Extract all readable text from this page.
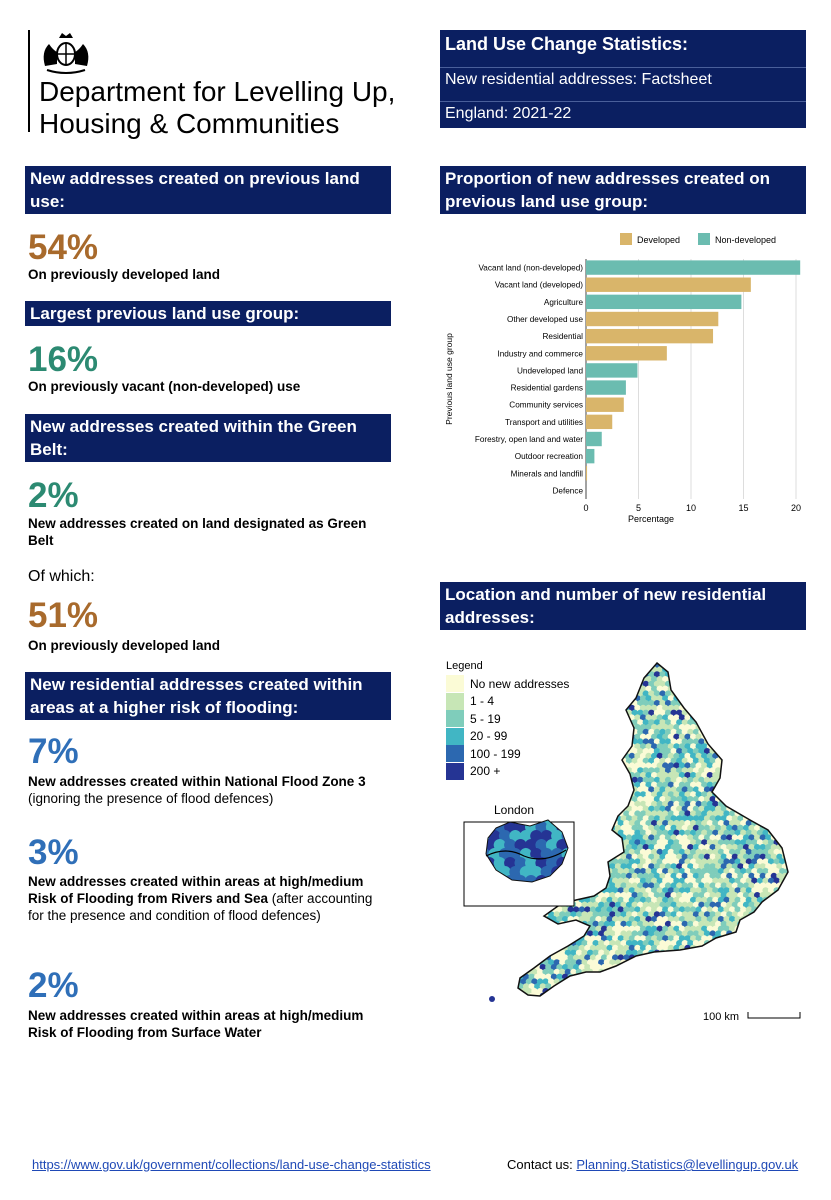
Department for Levelling Up,
Housing & Communities
Land Use Change Statistics:
New residential addresses: Factsheet
England: 2021-22
New addresses created on previous land use:
54%
On previously developed land
Largest previous land use group:
16%
On previously vacant (non-developed) use
New addresses created within the Green Belt:
2%
New addresses created on land designated as Green Belt
Of which:
51%
On previously developed land
New residential addresses created within areas at a higher risk of flooding:
7%
New addresses created within National Flood Zone 3 (ignoring the presence of flood defences)
3%
New addresses created within areas at high/medium Risk of Flooding from Rivers and Sea (after accounting for the presence and condition of flood defences)
2%
New addresses created within areas at high/medium Risk of Flooding from Surface Water
Proportion of new addresses created on previous land use group:
Developed	Non-developed
0	5	10	15	20
Vacant land (non-developed)
Vacant land (developed)
Agriculture
Other developed use
Residential
Industry and commerce
Undeveloped land
Residential gardens
Community services
Transport and utilities
Forestry, open land and water
Outdoor recreation
Minerals and landfill
Defence
Percentage
Previous land use group
Location and number of new residential addresses:
Legend
No new addresses
1 - 4
5 - 19
20 - 99
100 - 199
200 +
London
100 km
https://www.gov.uk/government/collections/land-use-change-statistics	Contact us: Planning.Statistics@levellingup.gov.uk
